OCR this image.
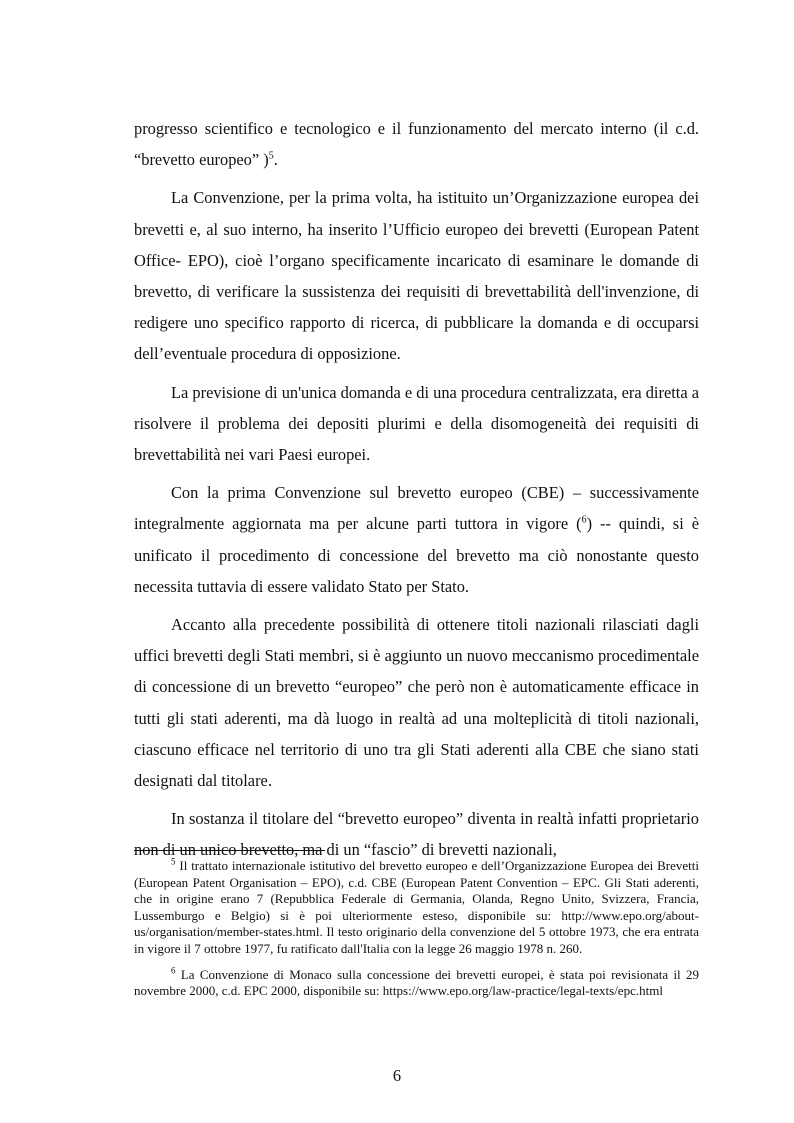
progresso scientifico e tecnologico e il funzionamento del mercato interno (il c.d. “brevetto europeo” )$^5$.

La Convenzione, per la prima volta, ha istituito un’Organizzazione europea dei brevetti e, al suo interno, ha inserito l’Ufficio europeo dei brevetti (European Patent Office- EPO), cioè l’organo specificamente incaricato di esaminare le domande di brevetto, di verificare la sussistenza dei requisiti di brevettabilità dell'invenzione, di redigere uno specifico rapporto di ricerca, di pubblicare la domanda e di occuparsi dell’eventuale procedura di opposizione.

La previsione di un'unica domanda e di una procedura centralizzata, era diretta a risolvere il problema dei depositi plurimi e della disomogeneità dei requisiti di brevettabilità nei vari Paesi europei.

Con la prima Convenzione sul brevetto europeo (CBE) – successivamente integralmente aggiornata ma per alcune parti tuttora in vigore ($^6$) -- quindi, si è unificato il procedimento di concessione del brevetto ma ciò nonostante questo necessita tuttavia di essere validato Stato per Stato.

Accanto alla precedente possibilità di ottenere titoli nazionali rilasciati dagli uffici brevetti degli Stati membri, si è aggiunto un nuovo meccanismo procedimentale di concessione di un brevetto “europeo” che però non è automaticamente efficace in tutti gli stati aderenti, ma dà luogo in realtà ad una molteplicità di titoli nazionali, ciascuno efficace nel territorio di uno tra gli Stati aderenti alla CBE che siano stati designati dal titolare.

In sostanza il titolare del “brevetto europeo” diventa in realtà infatti proprietario non di un unico brevetto, ma di un “fascio” di brevetti nazionali,

$^5$ Il trattato internazionale istitutivo del brevetto europeo e dell’Organizzazione Europea dei Brevetti (European Patent Organisation – EPO), c.d. CBE (European Patent Convention – EPC. Gli Stati aderenti, che in origine erano 7 (Repubblica Federale di Germania, Olanda, Regno Unito, Svizzera, Francia, Lussemburgo e Belgio) si è poi ulteriormente esteso, disponibile su: http://www.epo.org/about-us/organisation/member-states.html. Il testo originario della convenzione del 5 ottobre 1973, che era entrata in vigore il 7 ottobre 1977, fu ratificato dall'Italia con la legge 26 maggio 1978 n. 260.

$^6$ La Convenzione di Monaco sulla concessione dei brevetti europei, è stata poi revisionata il 29 novembre 2000, c.d. EPC 2000, disponibile su: https://www.epo.org/law-practice/legal-texts/epc.html

6
